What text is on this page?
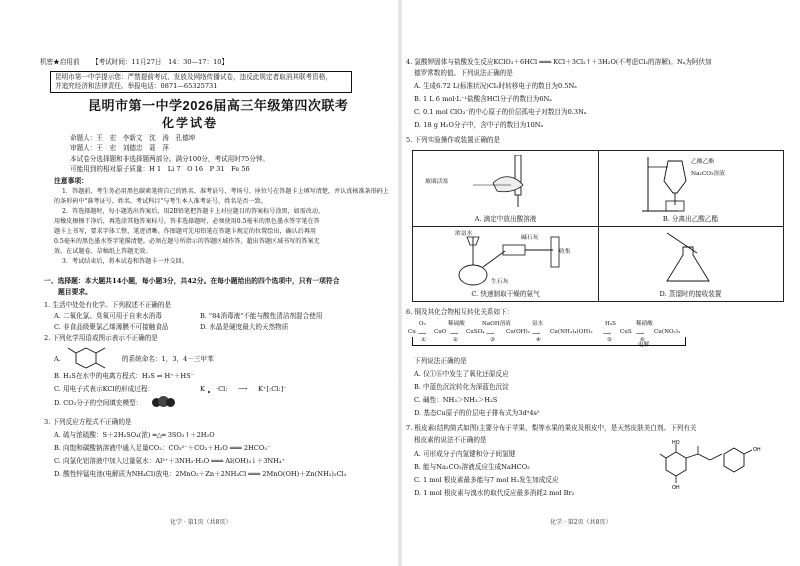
机密★启用前 【考试时间：11月27日　14：30—17：10】
昆明市第一中学提示您：严禁提前考试、发放及网络传播试卷，违反此规定者取消其联考资格，
并追究经济和法律责任。举报电话：0871—65325731
昆明市第一中学2026届高三年级第四次联考
化学试卷
命题人：王　宏　李新文　沈　涛　孔德坤
审题人：王　宏　刘德忠　聂　萍
本试卷分选择题和非选择题两部分。满分100分，考试用时75分钟。
可能用到的相对原子质量：H 1　Li 7　O 16　P 31　Fe 56
注意事项：
1．答题前，考生务必用黑色碳素笔将自己的姓名、准考证号、考场号、座位号在答题卡上填写清楚，并认真核准条形码上
的条形码中"准考证号、姓名、考试科目"与考生本人准考证号、姓名是否一致。
2．答选择题时，每小题选出答案后，用2B铅笔把答题卡上对应题目的答案标号涂黑，如需改动，
用橡皮擦擦干净后，再选涂其他答案标号。答非选择题时，必须使用0.5毫米的黑色墨水签字笔在答
题卡上书写，要求字体工整、笔迹清晰。作图题可先用铅笔在答题卡规定的位置绘出，确认后再用
0.5毫米的黑色墨水签字笔描清楚。必须在题号所指示的答题区域作答，超出答题区域书写的答案无
效，在试题卷、草稿纸上答题无效。
3．考试结束后，将本试卷和答题卡一并交回。
一、选择题：本大题共14小题，每小题3分，共42分。在每小题给出的四个选项中，只有一项符合
题目要求。
1. 生活中处处有化学。下列叙述不正确的是
A. 二氧化氯、臭氧可用于自来水消毒	B. "84消毒液"不能与酸性清洁剂混合使用
C. 非食品级聚氯乙烯薄膜不可接触食品	D. 水晶是硬度最大的天然物质
2. 下列化学用语或图示表示不正确的是
A.	的系统命名：1，3，4－三甲苯
B. H₂S在水中的电离方程式：H₂S ⇌ H⁺＋HS⁻
C. 用电子式表示KCl的形成过程：	K ·Cl: ⟶ K⁺[:Cl:]⁻
D. CO₂分子的空间填充模型：
3. 下列反应方程式不正确的是
A. 硫与浓硫酸：S＋2H₂SO₄(浓) ═△═ 3SO₂↑＋2H₂O
B. 向饱和碳酸钠溶液中通入足量CO₂：CO₃²⁻＋CO₂＋H₂O ═══ 2HCO₃⁻
C. 向氯化铝溶液中加入过量氨水：Al³⁺＋3NH₃·H₂O ═══ Al(OH)₃↓＋3NH₄⁺
D. 酸性锌锰电池(电解质为NH₄Cl)放电：2MnO₂＋Zn＋2NH₄Cl ═══ 2MnO(OH)＋Zn(NH₃)₂Cl₂
化学 · 第1页（共8页）
4. 氯酸钾固体与盐酸发生反应KClO₃＋6HCl ═══ KCl＋3Cl₂↑＋3H₂O(不考虑Cl₂的溶解)。Nₐ为阿伏加
德罗常数的值。下列说法正确的是
A. 生成6.72 L(标准状况)Cl₂时转移电子的数目为0.5Nₐ
B. 1 L 6 mol·L⁻¹盐酸含HCl分子的数目为6Nₐ
C. 0.1 mol ClO₃⁻的中心原子的价层孤电子对数目为0.3Nₐ
D. 18 g H₂O分子中，含中子的数目为10Nₐ
5. 下列实验操作或装置正确的是
玻璃活塞
A. 滴定中放出酸溶液
乙酸乙酯
Na₂CO₃溶液
B. 分离出乙酸乙酯
浓氨水
碱石灰
收集
生石灰
C. 快速制取干燥的氨气	D. 蒸馏时的接收装置
6. 铜及其化合物相互转化关系如下：
Cu
O₂
⟶
①
CuO
稀硫酸
⟶
②
CuSO₄
NaOH溶液
⟶
③
Cu(OH)₂
氨水
⟶
④
Cu(NH₃)₄(OH)₂
H₂S
⟶
⑤
CuS
稀硝酸
⟶
⑥
Cu(NO₃)₂
电解
下列说法正确的是
A. 仅①⑥中发生了氧化还原反应
B. 中蓝色沉淀转化为深蓝色沉淀
C. 碱性：NH₃＞NH₃＞H₂S
D. 基态Cu原子的价层电子排布式为3d⁹4s²
7. 根皮素(结构简式如图)主要分布于苹果、梨等水果的果皮及根皮中，是天然皮肤美白剂。下列有关
根皮素的说法不正确的是
A. 可形成分子内氢键和分子间氢键
B. 能与Na₂CO₃溶液反应生成NaHCO₃
C. 1 mol 根皮素最多能与7 mol H₂发生加成反应
D. 1 mol 根皮素与溴水的取代反应最多消耗2 mol Br₂
HO
OH
OH
化学 · 第2页（共8页）
